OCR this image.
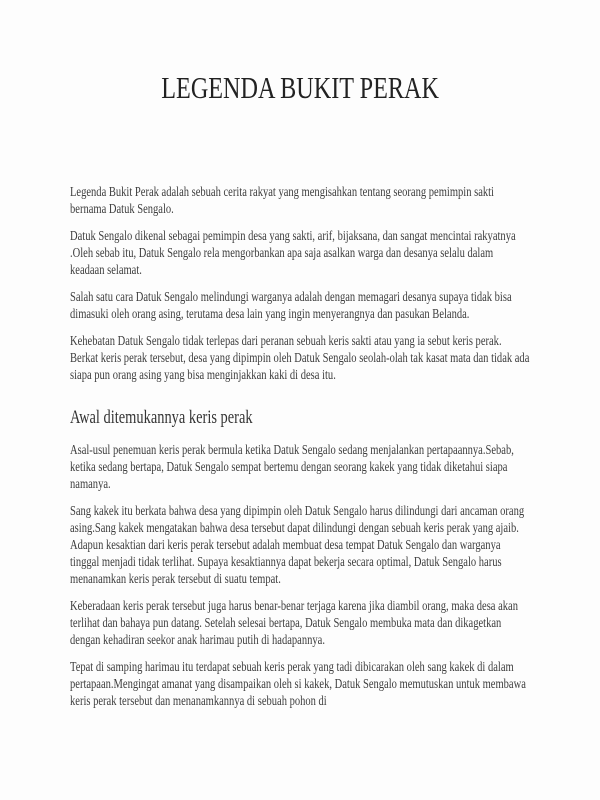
LEGENDA BUKIT PERAK

Legenda Bukit Perak adalah sebuah cerita rakyat yang mengisahkan tentang seorang pemimpin sakti bernama Datuk Sengalo.

Datuk Sengalo dikenal sebagai pemimpin desa yang sakti, arif, bijaksana, dan sangat mencintai rakyatnya .Oleh sebab itu, Datuk Sengalo rela mengorbankan apa saja asalkan warga dan desanya selalu dalam keadaan selamat.

Salah satu cara Datuk Sengalo melindungi warganya adalah dengan memagari desanya supaya tidak bisa dimasuki oleh orang asing, terutama desa lain yang ingin menyerangnya dan pasukan Belanda.

Kehebatan Datuk Sengalo tidak terlepas dari peranan sebuah keris sakti atau yang ia sebut keris perak. Berkat keris perak tersebut, desa yang dipimpin oleh Datuk Sengalo seolah-olah tak kasat mata dan tidak ada siapa pun orang asing yang bisa menginjakkan kaki di desa itu.

Awal ditemukannya keris perak

Asal-usul penemuan keris perak bermula ketika Datuk Sengalo sedang menjalankan pertapaannya.Sebab, ketika sedang bertapa, Datuk Sengalo sempat bertemu dengan seorang kakek yang tidak diketahui siapa namanya.

Sang kakek itu berkata bahwa desa yang dipimpin oleh Datuk Sengalo harus dilindungi dari ancaman orang asing.Sang kakek mengatakan bahwa desa tersebut dapat dilindungi dengan sebuah keris perak yang ajaib. Adapun kesaktian dari keris perak tersebut adalah membuat desa tempat Datuk Sengalo dan warganya tinggal menjadi tidak terlihat. Supaya kesaktiannya dapat bekerja secara optimal, Datuk Sengalo harus menanamkan keris perak tersebut di suatu tempat.

Keberadaan keris perak tersebut juga harus benar-benar terjaga karena jika diambil orang, maka desa akan terlihat dan bahaya pun datang. Setelah selesai bertapa, Datuk Sengalo membuka mata dan dikagetkan dengan kehadiran seekor anak harimau putih di hadapannya.

Tepat di samping harimau itu terdapat sebuah keris perak yang tadi dibicarakan oleh sang kakek di dalam pertapaan.Mengingat amanat yang disampaikan oleh si kakek, Datuk Sengalo memutuskan untuk membawa keris perak tersebut dan menanamkannya di sebuah pohon di
